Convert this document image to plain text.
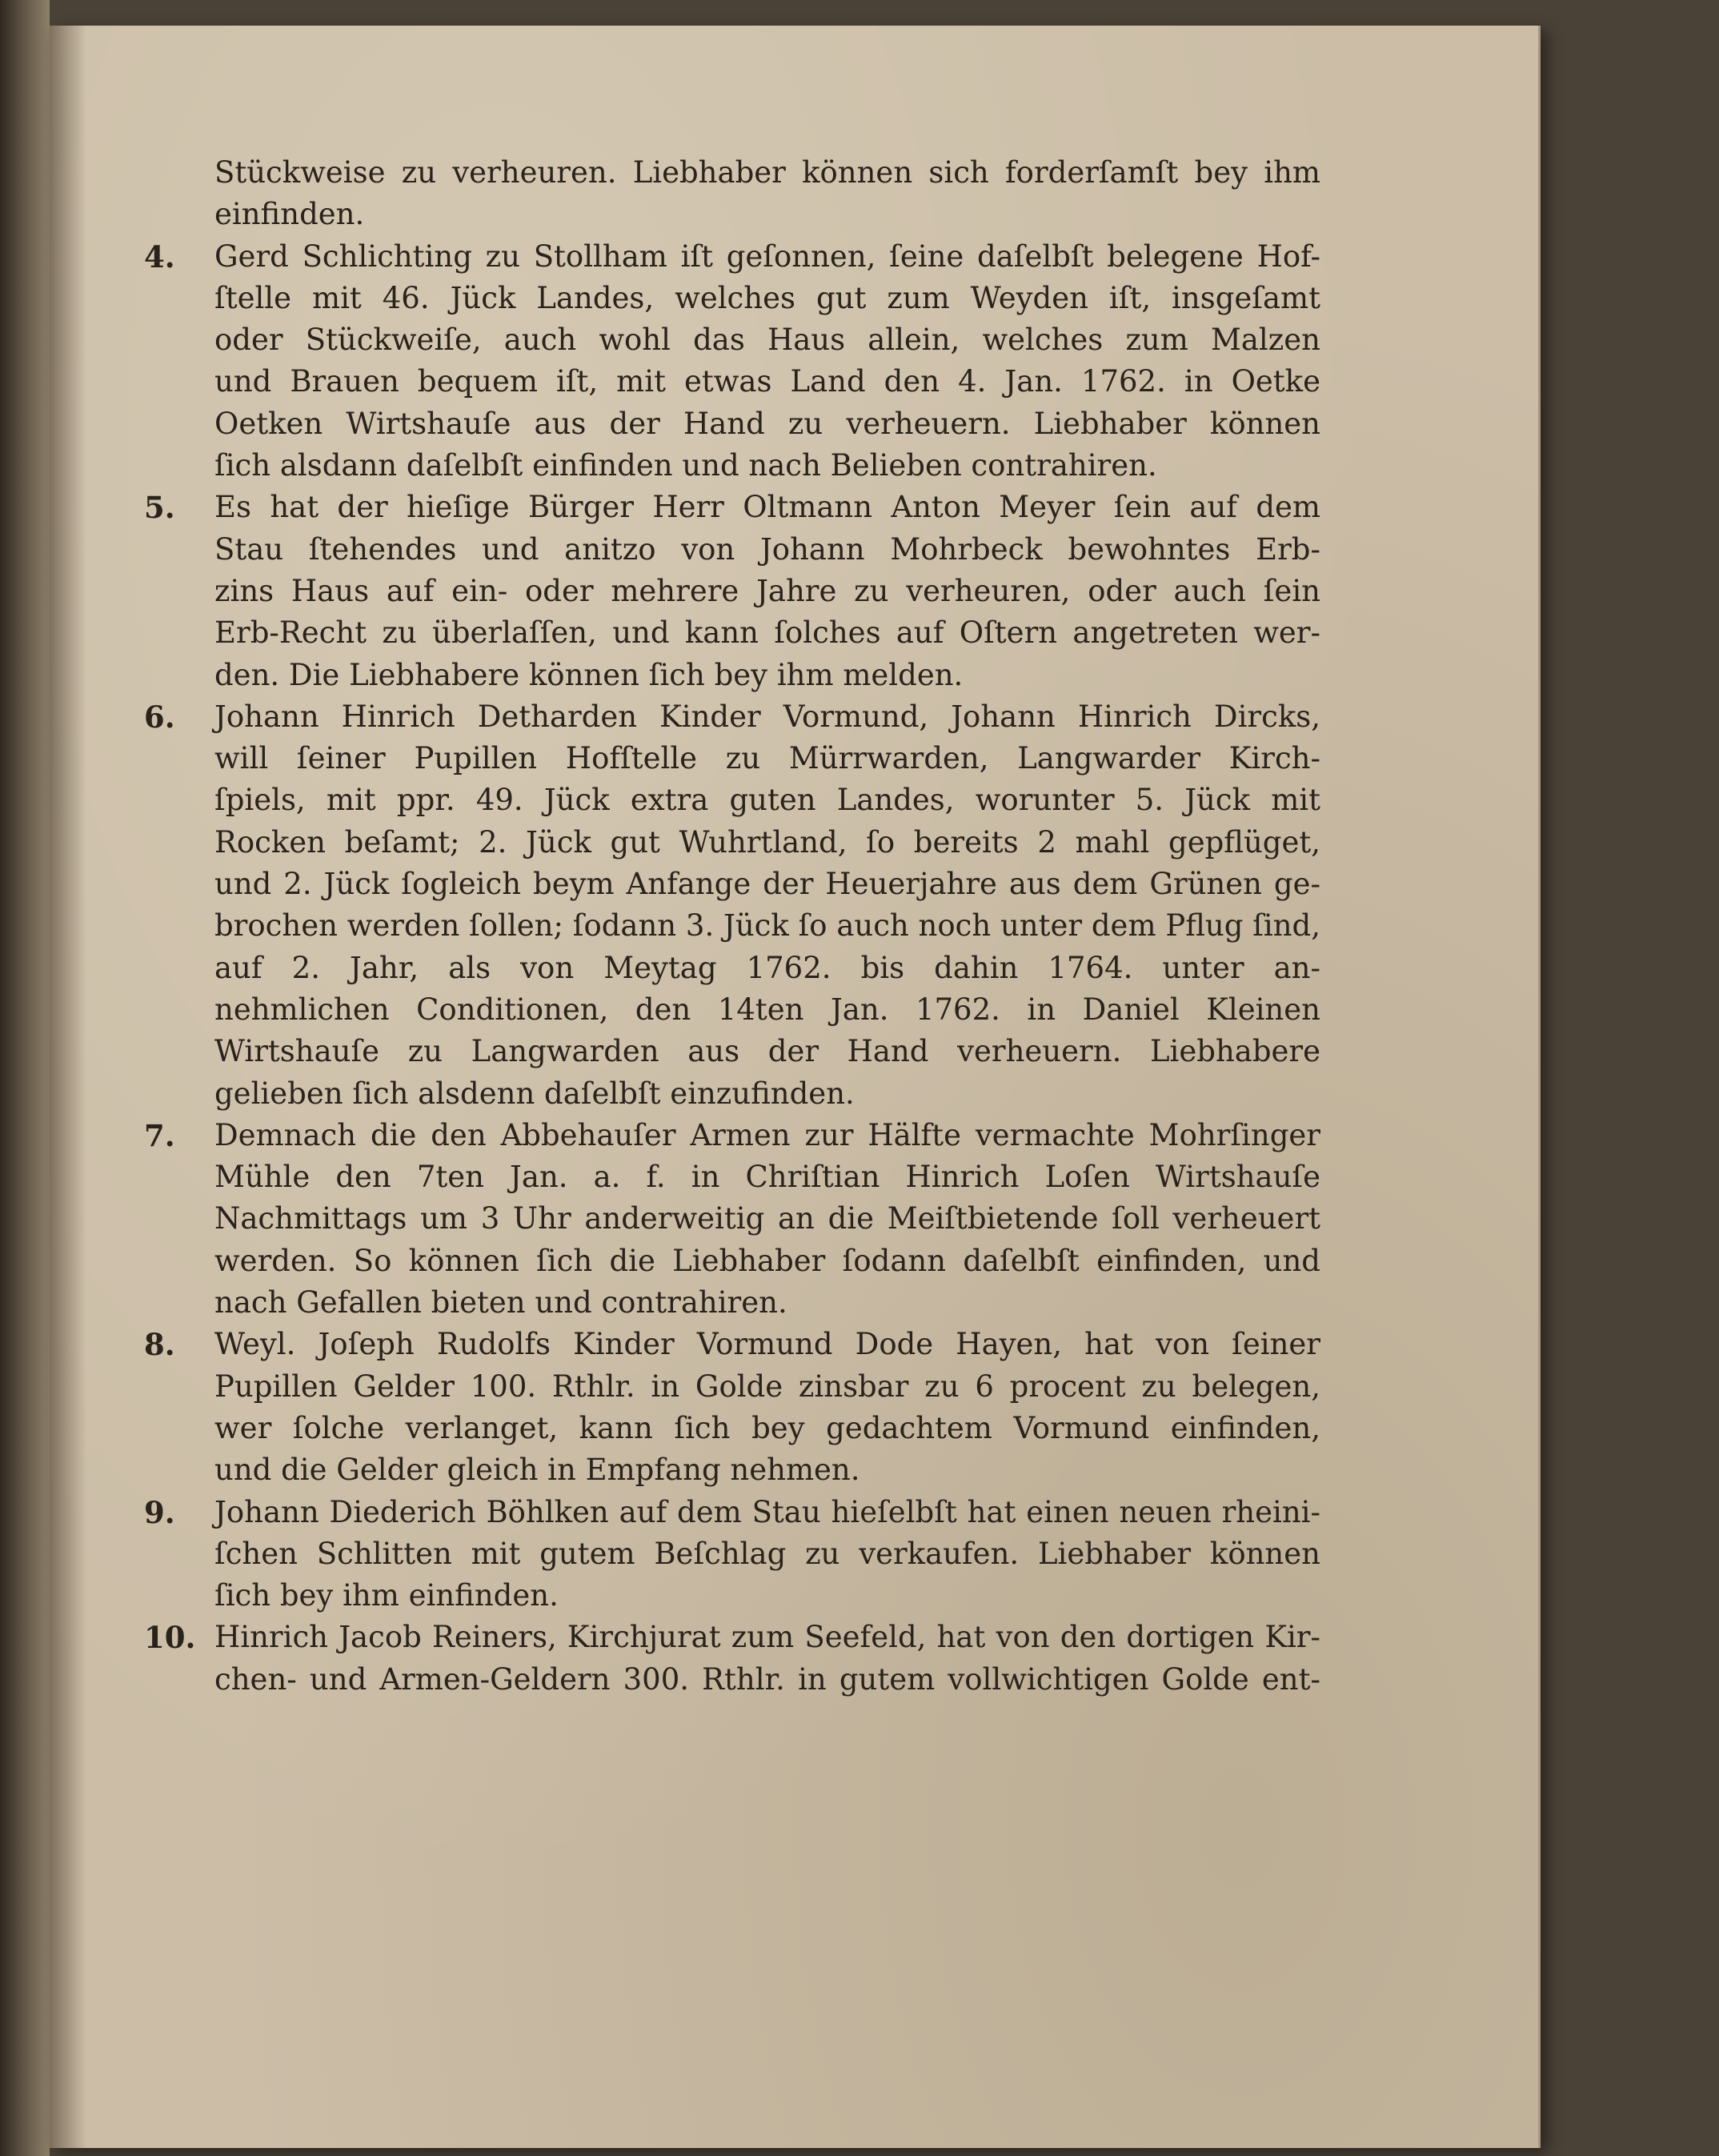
Stückweise zu verheuren. Liebhaber können sich forderſamſt bey ihm
einfinden.
4.	Gerd Schlichting zu Stollham iſt geſonnen, ſeine daſelbſt belegene Hof-
ſtelle mit 46. Jück Landes, welches gut zum Weyden iſt, insgeſamt
oder Stückweiſe, auch wohl das Haus allein, welches zum Malzen
und Brauen bequem iſt, mit etwas Land den 4. Jan. 1762. in Oetke
Oetken Wirtshauſe aus der Hand zu verheuern. Liebhaber können
ſich alsdann daſelbſt einfinden und nach Belieben contrahiren.
5.	Es hat der hieſige Bürger Herr Oltmann Anton Meyer ſein auf dem
Stau ſtehendes und anitzo von Johann Mohrbeck bewohntes Erb-
zins Haus auf ein- oder mehrere Jahre zu verheuren, oder auch ſein
Erb-Recht zu überlaſſen, und kann ſolches auf Oſtern angetreten wer-
den. Die Liebhabere können ſich bey ihm melden.
6.	Johann Hinrich Detharden Kinder Vormund, Johann Hinrich Dircks,
will ſeiner Pupillen Hofſtelle zu Mürrwarden, Langwarder Kirch-
ſpiels, mit ppr. 49. Jück extra guten Landes, worunter 5. Jück mit
Rocken beſamt; 2. Jück gut Wuhrtland, ſo bereits 2 mahl gepflüget,
und 2. Jück ſogleich beym Anfange der Heuerjahre aus dem Grünen ge-
brochen werden ſollen; ſodann 3. Jück ſo auch noch unter dem Pflug ſind,
auf 2. Jahr, als von Meytag 1762. bis dahin 1764. unter an-
nehmlichen Conditionen, den 14ten Jan. 1762. in Daniel Kleinen
Wirtshauſe zu Langwarden aus der Hand verheuern. Liebhabere
gelieben ſich alsdenn daſelbſt einzufinden.
7.	Demnach die den Abbehauſer Armen zur Hälfte vermachte Mohrſinger
Mühle den 7ten Jan. a. f. in Chriſtian Hinrich Loſen Wirtshauſe
Nachmittags um 3 Uhr anderweitig an die Meiſtbietende ſoll verheuert
werden. So können ſich die Liebhaber ſodann daſelbſt einfinden, und
nach Gefallen bieten und contrahiren.
8.	Weyl. Joſeph Rudolfs Kinder Vormund Dode Hayen, hat von ſeiner
Pupillen Gelder 100. Rthlr. in Golde zinsbar zu 6 procent zu belegen,
wer ſolche verlanget, kann ſich bey gedachtem Vormund einfinden,
und die Gelder gleich in Empfang nehmen.
9.	Johann Diederich Böhlken auf dem Stau hieſelbſt hat einen neuen rheini-
ſchen Schlitten mit gutem Beſchlag zu verkaufen. Liebhaber können
ſich bey ihm einfinden.
10. Hinrich Jacob Reiners, Kirchjurat zum Seefeld, hat von den dortigen Kir-
chen- und Armen-Geldern 300. Rthlr. in gutem vollwichtigen Golde ent-
